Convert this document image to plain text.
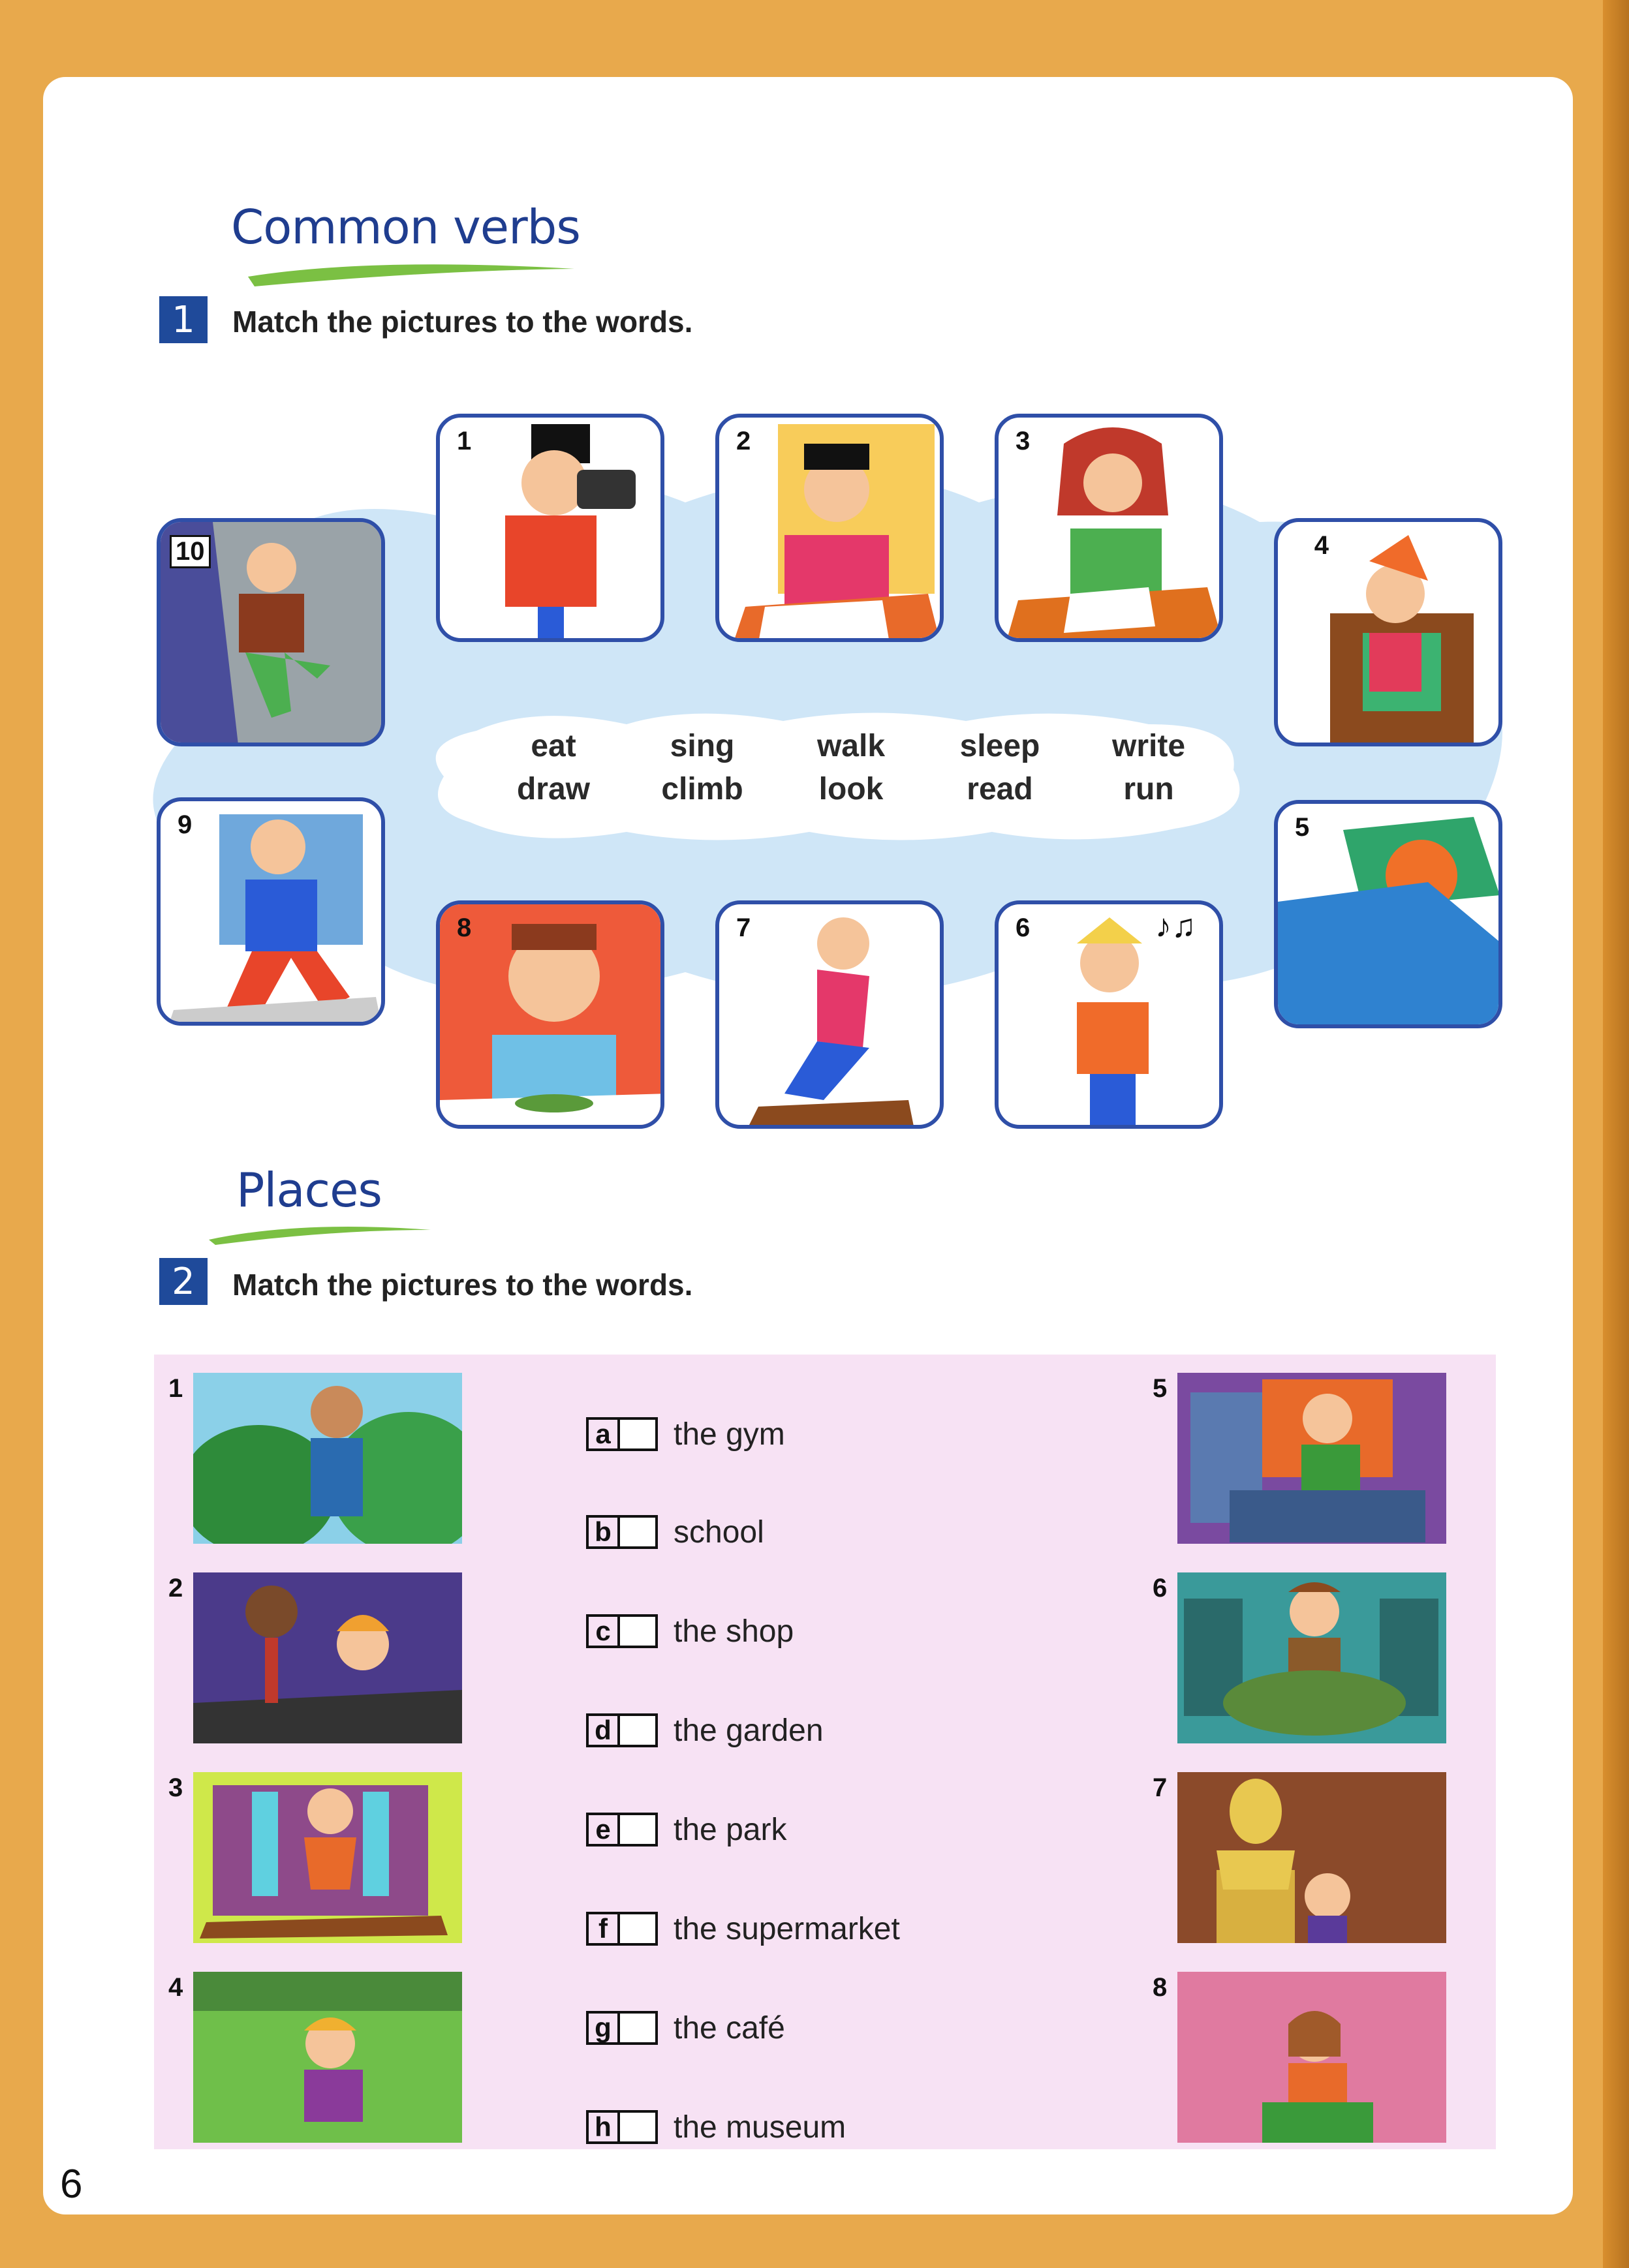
Common verbs
1	Match the pictures to the words.
eat	sing	walk	sleep	write
draw	climb	look	read	run
1	2	3
4
5
♪♫
6
7
8
9
10
Places
2	Match the pictures to the words.
1
2
3
4
5
6
7
8
a the gym
b school
c the shop
d the garden
e the park
f	the supermarket
g the café
h the museum
6
